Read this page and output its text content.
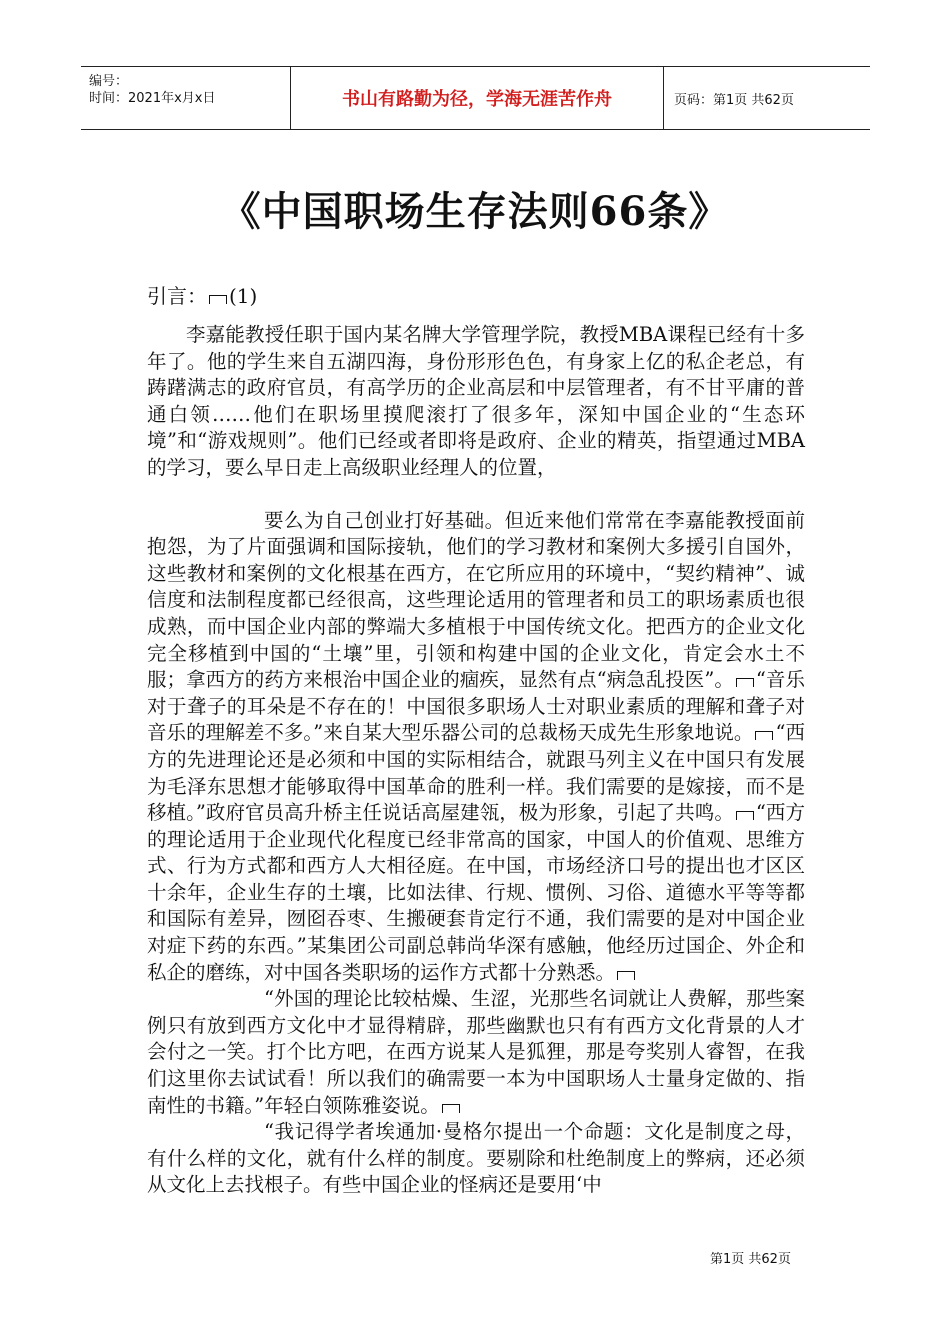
编号：
时间：2021年x月x日	书山有路勤为径，学海无涯苦作舟	页码：第1页 共62页
《中国职场生存法则66条》
引言： (1)

李嘉能教授任职于国内某名牌大学管理学院，教授MBA课程已经有十多年了。他的学生来自五湖四海，身份形形色色，有身家上亿的私企老总，有踌躇满志的政府官员，有高学历的企业高层和中层管理者，有不甘平庸的普通白领……他们在职场里摸爬滚打了很多年，深知中国企业的“生态环境”和“游戏规则”。他们已经或者即将是政府、企业的精英，指望通过MBA的学习，要么早日走上高级职业经理人的位置，

要么为自己创业打好基础。但近来他们常常在李嘉能教授面前抱怨，为了片面强调和国际接轨，他们的学习教材和案例大多援引自国外，这些教材和案例的文化根基在西方，在它所应用的环境中，“契约精神”、诚信度和法制程度都已经很高，这些理论适用的管理者和员工的职场素质也很成熟，而中国企业内部的弊端大多植根于中国传统文化。把西方的企业文化完全移植到中国的“土壤”里，引领和构建中国的企业文化，肯定会水土不服；拿西方的药方来根治中国企业的痼疾，显然有点“病急乱投医”。 “音乐对于聋子的耳朵是不存在的！中国很多职场人士对职业素质的理解和聋子对音乐的理解差不多。”来自某大型乐器公司的总裁杨天成先生形象地说。 “西方的先进理论还是必须和中国的实际相结合，就跟马列主义在中国只有发展为毛泽东思想才能够取得中国革命的胜利一样。我们需要的是嫁接，而不是移植。”政府官员高升桥主任说话高屋建瓴，极为形象，引起了共鸣。 “西方的理论适用于企业现代化程度已经非常高的国家，中国人的价值观、思维方式、行为方式都和西方人大相径庭。在中国，市场经济口号的提出也才区区十余年，企业生存的土壤，比如法律、行规、惯例、习俗、道德水平等等都和国际有差异，囫囵吞枣、生搬硬套肯定行不通，我们需要的是对中国企业对症下药的东西。”某集团公司副总韩尚华深有感触，他经历过国企、外企和私企的磨练，对中国各类职场的运作方式都十分熟悉。

“外国的理论比较枯燥、生涩，光那些名词就让人费解，那些案例只有放到西方文化中才显得精辟，那些幽默也只有有西方文化背景的人才会付之一笑。打个比方吧，在西方说某人是狐狸，那是夸奖别人睿智，在我们这里你去试试看！所以我们的确需要一本为中国职场人士量身定做的、指南性的书籍。”年轻白领陈雅姿说。

“我记得学者埃通加·曼格尔提出一个命题：文化是制度之母，有什么样的文化，就有什么样的制度。要剔除和杜绝制度上的弊病，还必须从文化上去找根子。有些中国企业的怪病还是要用‘中

第1页 共62页
